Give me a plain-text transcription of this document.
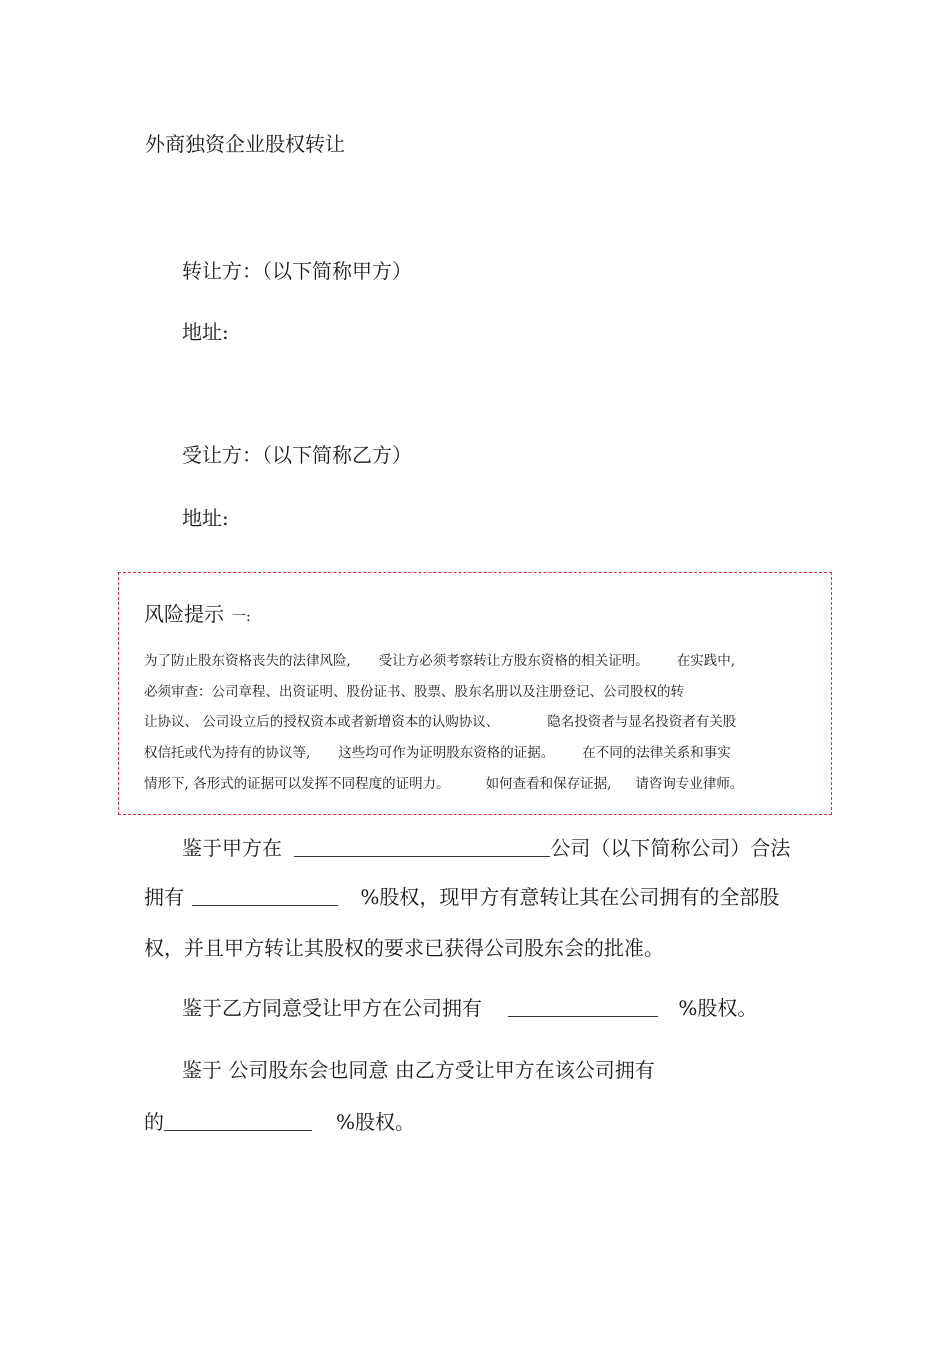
外商独资企业股权转让
转让方：（以下简称甲方）
地址:
受让方：（以下简称乙方）
地址:
风险提示 一:
为了防止股东资格丧失的法律风险, 受让方必须考察转让方股东资格的相关证明。 在实践中,
必须审查：公司章程、出资证明、股份证书、股票、股东名册以及注册登记、公司股权的转
让协议、 公司设立后的授权资本或者新增资本的认购协议、	隐名投资者与显名投资者有关股
权信托或代为持有的协议等, 这些均可作为证明股东资格的证据。 在不同的法律关系和事实
情形下, 各形式的证据可以发挥不同程度的证明力。	如何查看和保存证据, 请咨询专业律师。
鉴于甲方在	公司（以下简称公司）合法
拥有	%股权，现甲方有意转让其在公司拥有的全部股
权，并且甲方转让其股权的要求已获得公司股东会的批准。
鉴于乙方同意受让甲方在公司拥有	%股权。
鉴于 公司股东会也同意 由乙方受让甲方在该公司拥有
的	%股权。
